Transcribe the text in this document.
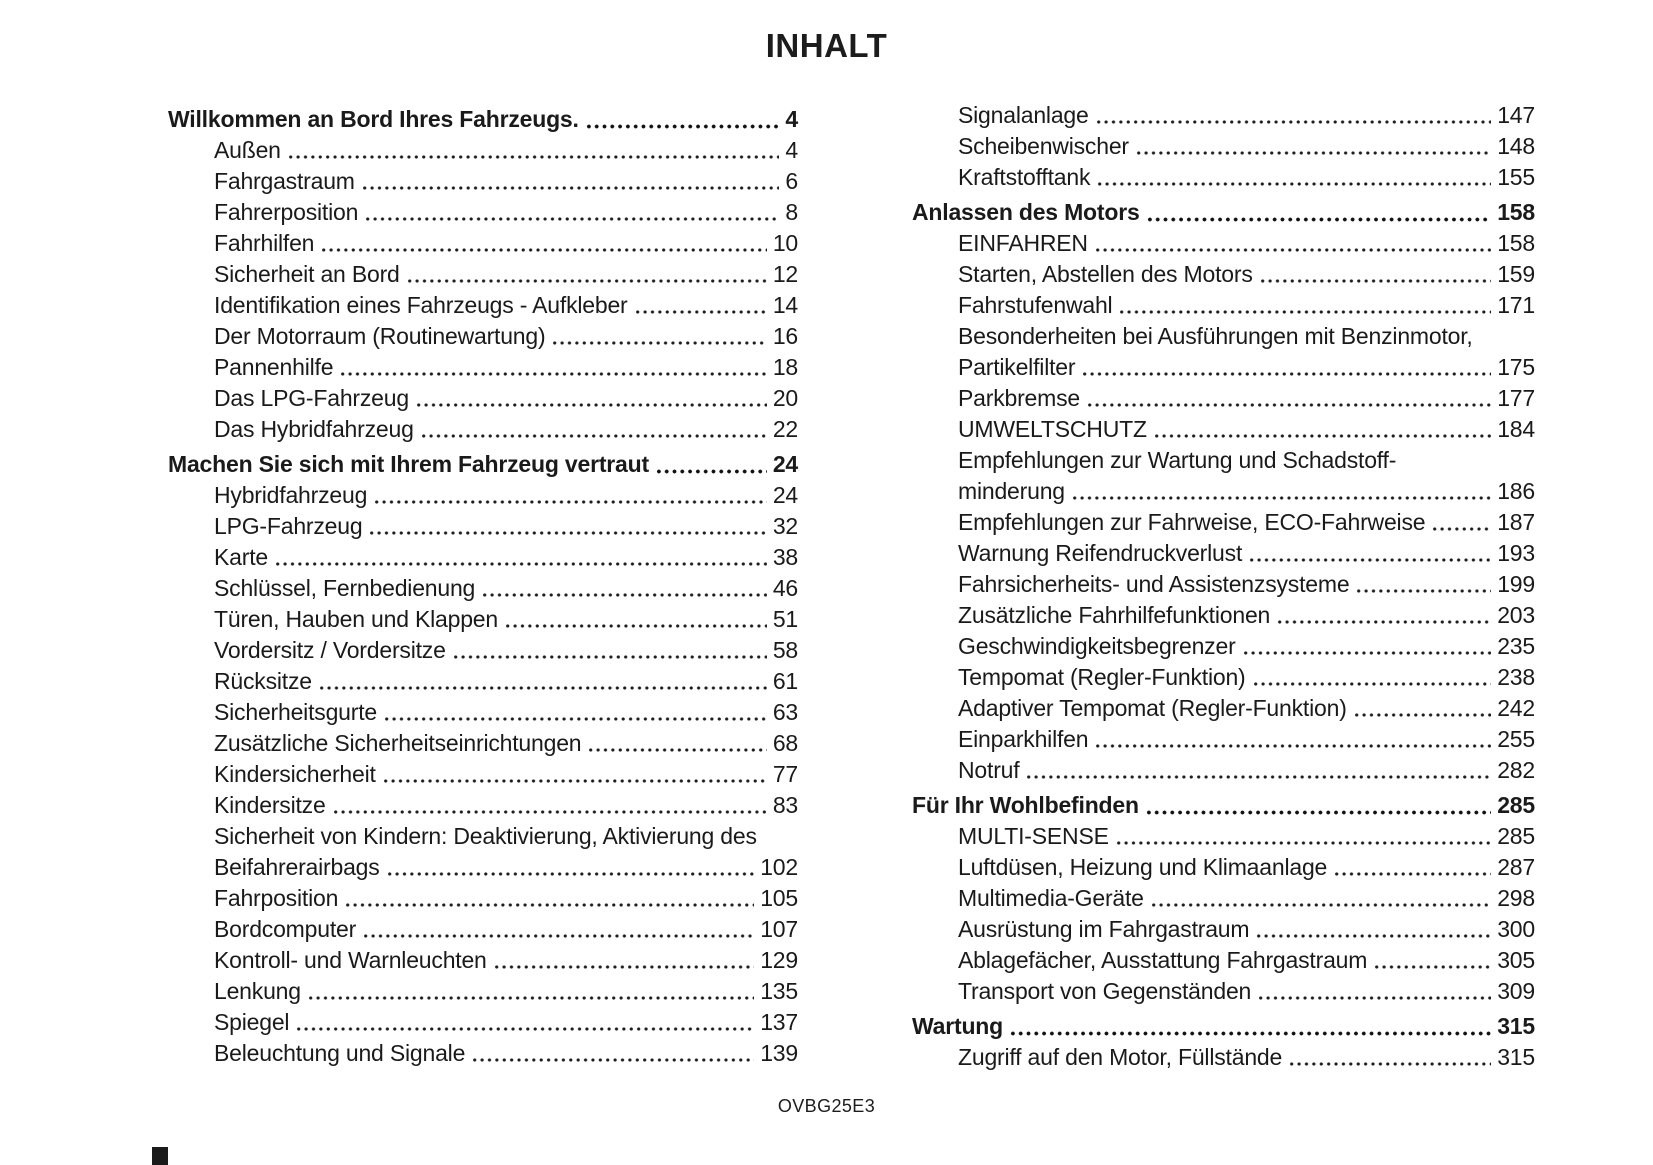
INHALT
Willkommen an Bord Ihres Fahrzeugs.	4
Außen	4
Fahrgastraum	6
Fahrerposition	8
Fahrhilfen	10
Sicherheit an Bord	12
Identifikation eines Fahrzeugs - Aufkleber	14
Der Motorraum (Routinewartung)	16
Pannenhilfe	18
Das LPG-Fahrzeug	20
Das Hybridfahrzeug	22
Machen Sie sich mit Ihrem Fahrzeug vertraut	24
Hybridfahrzeug	24
LPG-Fahrzeug	32
Karte	38
Schlüssel, Fernbedienung	46
Türen, Hauben und Klappen	51
Vordersitz / Vordersitze	58
Rücksitze	61
Sicherheitsgurte	63
Zusätzliche Sicherheitseinrichtungen	68
Kindersicherheit	77
Kindersitze	83
Sicherheit von Kindern: Deaktivierung, Aktivierung des
Beifahrerairbags	102
Fahrposition	105
Bordcomputer	107
Kontroll- und Warnleuchten	129
Lenkung	135
Spiegel	137
Beleuchtung und Signale	139
Signalanlage	147
Scheibenwischer	148
Kraftstofftank	155
Anlassen des Motors	158
EINFAHREN	158
Starten, Abstellen des Motors	159
Fahrstufenwahl	171
Besonderheiten bei Ausführungen mit Benzinmotor,
Partikelfilter	175
Parkbremse	177
UMWELTSCHUTZ	184
Empfehlungen zur Wartung und Schadstoff-
minderung	186
Empfehlungen zur Fahrweise, ECO-Fahrweise	187
Warnung Reifendruckverlust	193
Fahrsicherheits- und Assistenzsysteme	199
Zusätzliche Fahrhilfefunktionen	203
Geschwindigkeitsbegrenzer	235
Tempomat (Regler-Funktion)	238
Adaptiver Tempomat (Regler-Funktion)	242
Einparkhilfen	255
Notruf	282
Für Ihr Wohlbefinden	285
MULTI-SENSE	285
Luftdüsen, Heizung und Klimaanlage	287
Multimedia-Geräte	298
Ausrüstung im Fahrgastraum	300
Ablagefächer, Ausstattung Fahrgastraum	305
Transport von Gegenständen	309
Wartung	315
Zugriff auf den Motor, Füllstände	315
OVBG25E3
